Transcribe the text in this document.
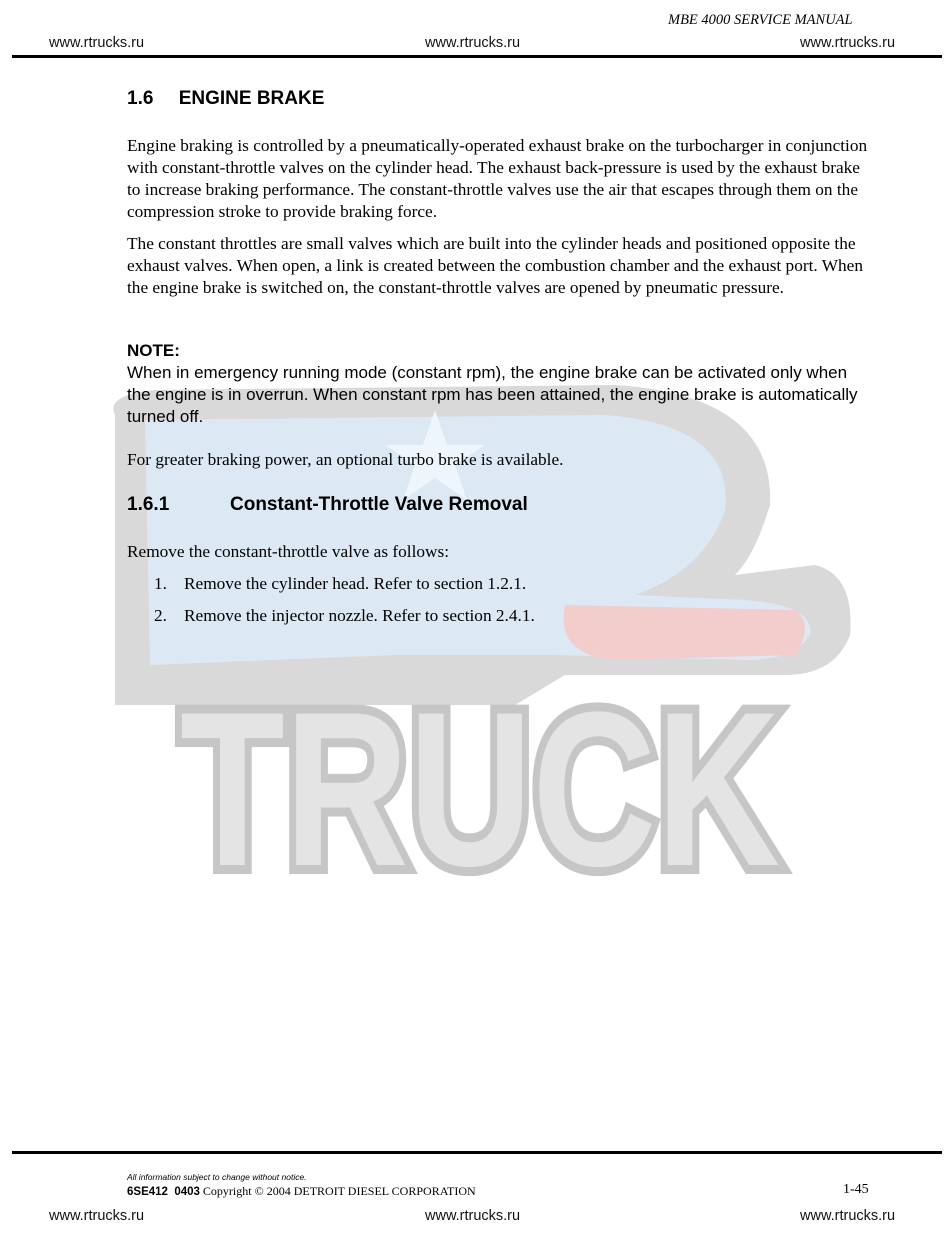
TRUCK
TRUCK
MBE 4000 SERVICE MANUAL
www.rtrucks.ru	www.rtrucks.ru	www.rtrucks.ru
1.6 ENGINE BRAKE

Engine braking is controlled by a pneumatically-operated exhaust brake on the turbocharger in conjunction with constant-throttle valves on the cylinder head. The exhaust back-pressure is used by the exhaust brake to increase braking performance. The constant-throttle valves use the air that escapes through them on the compression stroke to provide braking force.

The constant throttles are small valves which are built into the cylinder heads and positioned opposite the exhaust valves. When open, a link is created between the combustion chamber and the exhaust port. When the engine brake is switched on, the constant-throttle valves are opened by pneumatic pressure.

NOTE:

When in emergency running mode (constant rpm), the engine brake can be activated only when the engine is in overrun. When constant rpm has been attained, the engine brake is automatically turned off.

For greater braking power, an optional turbo brake is available.

1.6.1	Constant-Throttle Valve Removal

Remove the constant-throttle valve as follows:

1. Remove the cylinder head. Refer to section 1.2.1.
2. Remove the injector nozzle. Refer to section 2.4.1.
All information subject to change without notice.
6SE412  0403 Copyright © 2004 DETROIT DIESEL CORPORATION	1-45
www.rtrucks.ru	www.rtrucks.ru	www.rtrucks.ru
